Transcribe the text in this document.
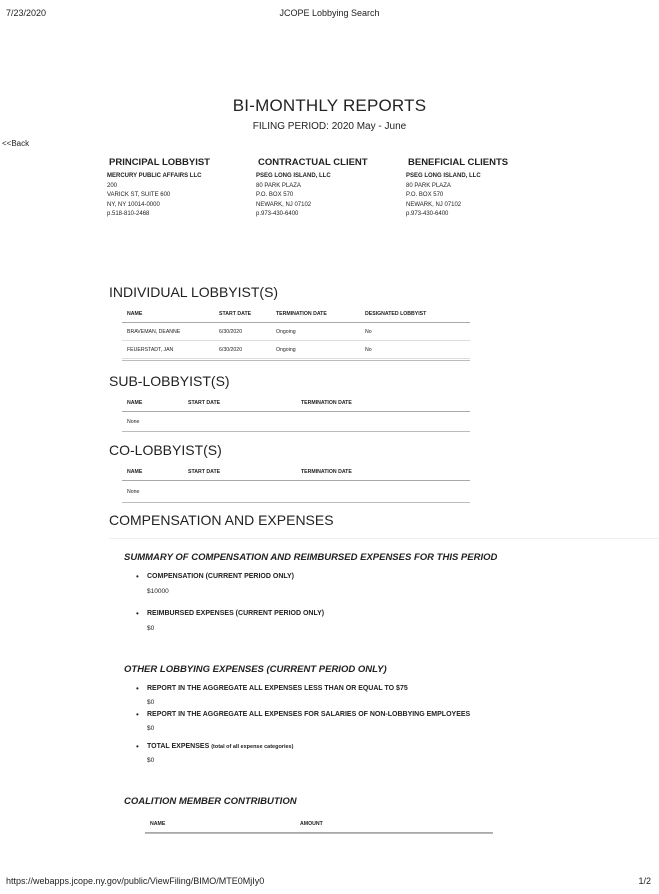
7/23/2020	JCOPE Lobbying Search
BI-MONTHLY REPORTS
FILING PERIOD: 2020 May - June
<<Back
PRINCIPAL LOBBYIST
MERCURY PUBLIC AFFAIRS LLC
200
VARICK ST, SUITE 600
NY, NY 10014-0000
p.518-810-2468
CONTRACTUAL CLIENT
PSEG LONG ISLAND, LLC
80 PARK PLAZA
P.O. BOX 570
NEWARK, NJ 07102
p.973-430-6400
BENEFICIAL CLIENTS
PSEG LONG ISLAND, LLC
80 PARK PLAZA
P.O. BOX 570
NEWARK, NJ 07102
p.973-430-6400
INDIVIDUAL LOBBYIST(S)
NAME	START DATE	TERMINATION DATE	DESIGNATED LOBBYIST
BRAVEMAN, DEANNE	6/30/2020	Ongoing	No
FEUERSTADT, JAN	6/30/2020	Ongoing	No
SUB-LOBBYIST(S)
NAME	START DATE	TERMINATION DATE
None
CO-LOBBYIST(S)
NAME	START DATE	TERMINATION DATE
None
COMPENSATION AND EXPENSES
SUMMARY OF COMPENSATION AND REIMBURSED EXPENSES FOR THIS PERIOD
• COMPENSATION (CURRENT PERIOD ONLY)
$10000
• REIMBURSED EXPENSES (CURRENT PERIOD ONLY)
$0
OTHER LOBBYING EXPENSES (CURRENT PERIOD ONLY)
• REPORT IN THE AGGREGATE ALL EXPENSES LESS THAN OR EQUAL TO $75
$0
• REPORT IN THE AGGREGATE ALL EXPENSES FOR SALARIES OF NON-LOBBYING EMPLOYEES
$0
• TOTAL EXPENSES (total of all expense categories)
$0
COALITION MEMBER CONTRIBUTION
NAME	AMOUNT
https://webapps.jcope.ny.gov/public/ViewFiling/BIMO/MTE0MjIy0	1/2
